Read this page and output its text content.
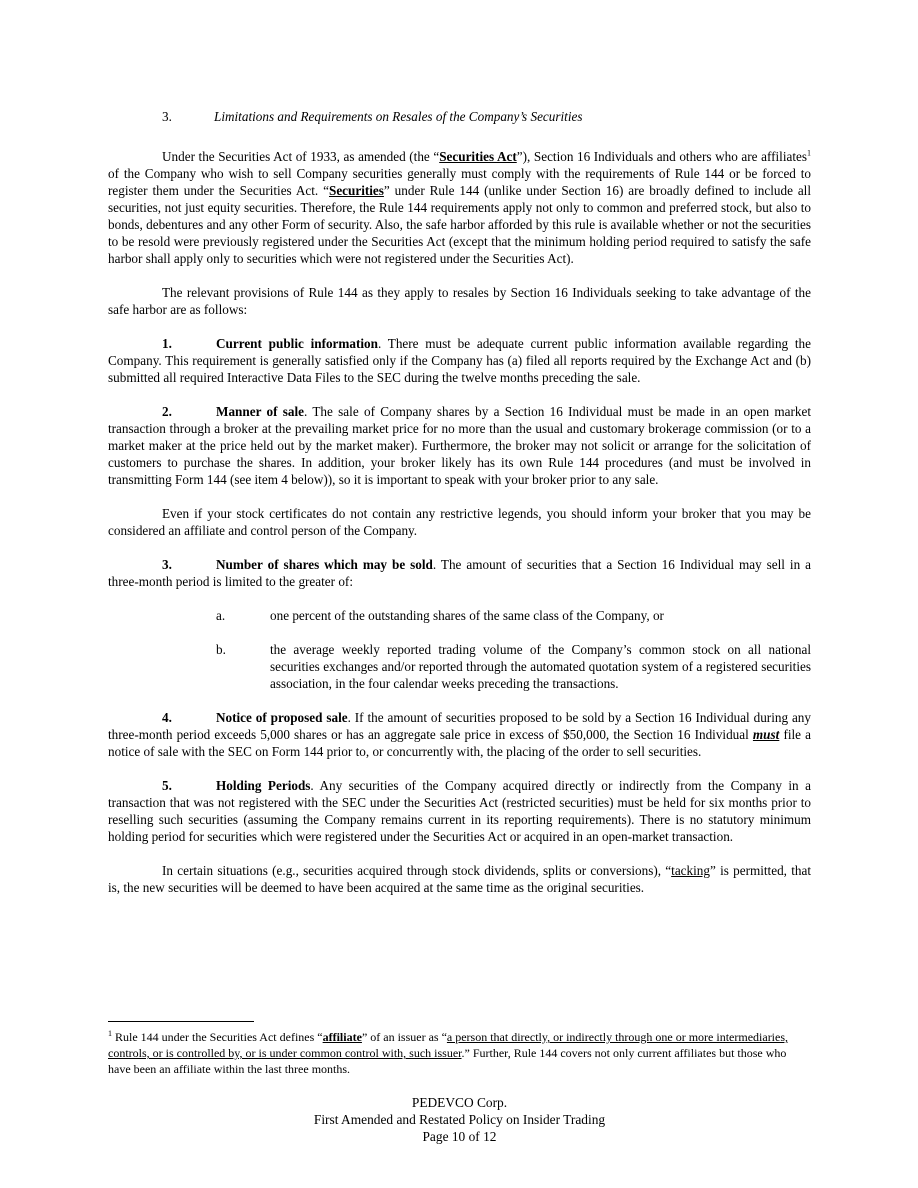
3.	Limitations and Requirements on Resales of the Company’s Securities

Under the Securities Act of 1933, as amended (the “Securities Act”), Section 16 Individuals and others who are affiliates$^1$ of the Company who wish to sell Company securities generally must comply with the requirements of Rule 144 or be forced to register them under the Securities Act. “Securities” under Rule 144 (unlike under Section 16) are broadly defined to include all securities, not just equity securities. Therefore, the Rule 144 requirements apply not only to common and preferred stock, but also to bonds, debentures and any other Form of security. Also, the safe harbor afforded by this rule is available whether or not the securities to be resold were previously registered under the Securities Act (except that the minimum holding period required to satisfy the safe harbor shall apply only to securities which were not registered under the Securities Act).

The relevant provisions of Rule 144 as they apply to resales by Section 16 Individuals seeking to take advantage of the safe harbor are as follows:

1.	Current public information. There must be adequate current public information available regarding the Company. This requirement is generally satisfied only if the Company has (a) filed all reports required by the Exchange Act and (b) submitted all required Interactive Data Files to the SEC during the twelve months preceding the sale.

2.	Manner of sale. The sale of Company shares by a Section 16 Individual must be made in an open market transaction through a broker at the prevailing market price for no more than the usual and customary brokerage commission (or to a market maker at the price held out by the market maker). Furthermore, the broker may not solicit or arrange for the solicitation of customers to purchase the shares. In addition, your broker likely has its own Rule 144 procedures (and must be involved in transmitting Form 144 (see item 4 below)), so it is important to speak with your broker prior to any sale.

Even if your stock certificates do not contain any restrictive legends, you should inform your broker that you may be considered an affiliate and control person of the Company.

3.	Number of shares which may be sold. The amount of securities that a Section 16 Individual may sell in a three-month period is limited to the greater of:

a.	one percent of the outstanding shares of the same class of the Company, or
b.	the average weekly reported trading volume of the Company’s common stock on all national securities exchanges and/or reported through the automated quotation system of a registered securities association, in the four calendar weeks preceding the transactions.

4.	Notice of proposed sale. If the amount of securities proposed to be sold by a Section 16 Individual during any three-month period exceeds 5,000 shares or has an aggregate sale price in excess of $50,000, the Section 16 Individual must file a notice of sale with the SEC on Form 144 prior to, or concurrently with, the placing of the order to sell securities.

5.	Holding Periods. Any securities of the Company acquired directly or indirectly from the Company in a transaction that was not registered with the SEC under the Securities Act (restricted securities) must be held for six months prior to reselling such securities (assuming the Company remains current in its reporting requirements). There is no statutory minimum holding period for securities which were registered under the Securities Act or acquired in an open-market transaction.

In certain situations (e.g., securities acquired through stock dividends, splits or conversions), “tacking” is permitted, that is, the new securities will be deemed to have been acquired at the same time as the original securities.

$^1$ Rule 144 under the Securities Act defines “affiliate” of an issuer as “a person that directly, or indirectly through one or more intermediaries, controls, or is controlled by, or is under common control with, such issuer.” Further, Rule 144 covers not only current affiliates but those who have been an affiliate within the last three months.
PEDEVCO Corp.
First Amended and Restated Policy on Insider Trading
Page 10 of 12
